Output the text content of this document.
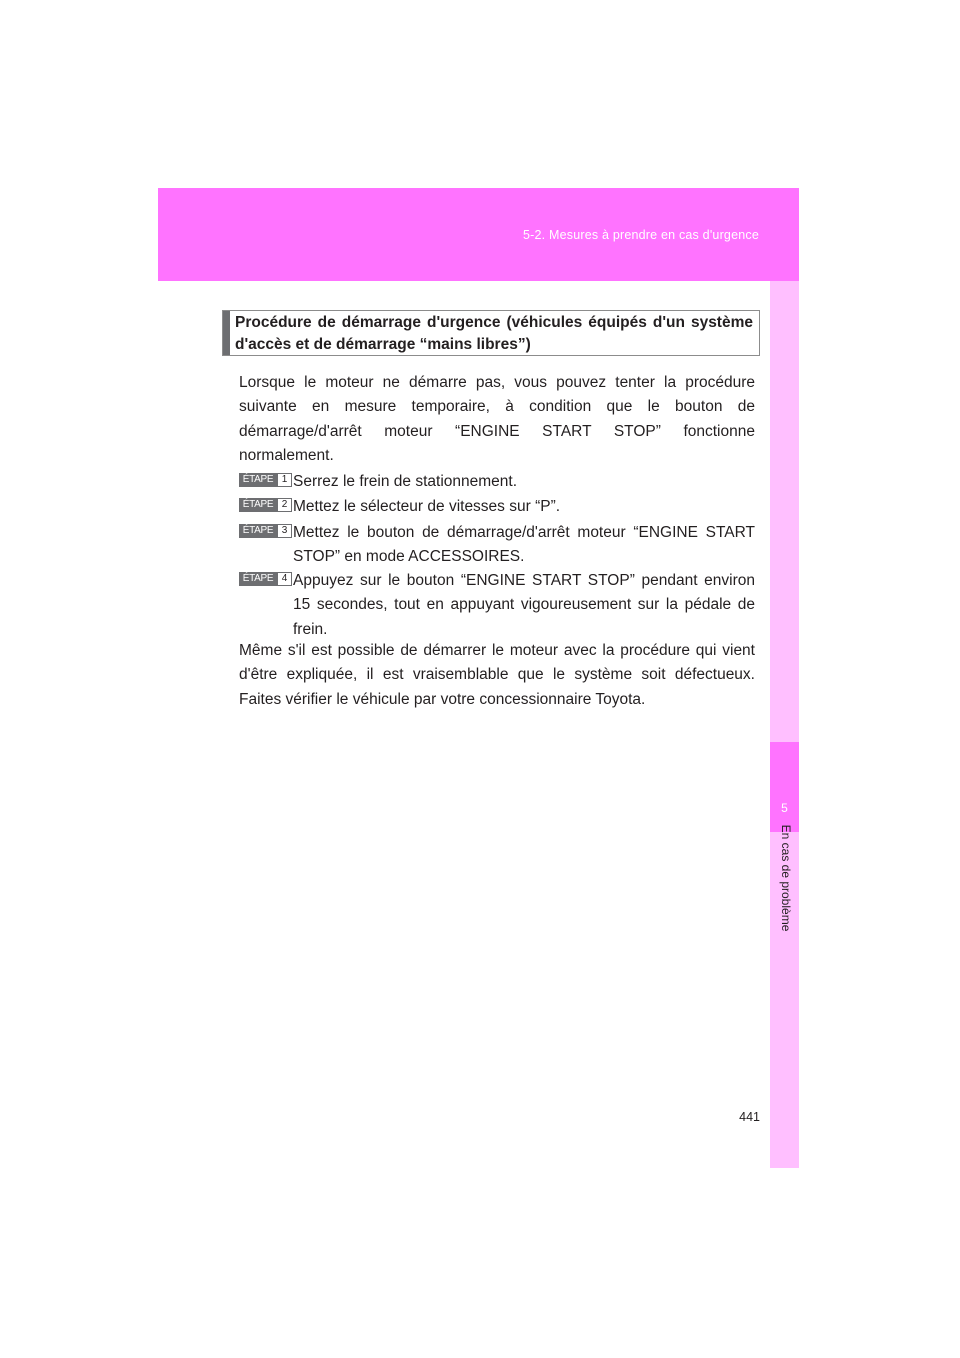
5-2. Mesures à prendre en cas d'urgence
5
En cas de problème
Procédure de démarrage d'urgence (véhicules équipés d'un système d'accès et de démarrage “mains libres”)
Lorsque le moteur ne démarre pas, vous pouvez tenter la procédure suivante en mesure temporaire, à condition que le bouton de démarrage/d'arrêt moteur “ENGINE START STOP” fonctionne normalement.
ÉTAPE 1 Serrez le frein de stationnement.
ÉTAPE 2 Mettez le sélecteur de vitesses sur “P”.
ÉTAPE 3 Mettez le bouton de démarrage/d'arrêt moteur “ENGINE START STOP” en mode ACCESSOIRES.
ÉTAPE 4 Appuyez sur le bouton “ENGINE START STOP” pendant environ 15 secondes, tout en appuyant vigoureusement sur la pédale de frein.
Même s'il est possible de démarrer le moteur avec la procédure qui vient d'être expliquée, il est vraisemblable que le système soit défectueux. Faites vérifier le véhicule par votre concessionnaire Toyota.
441
